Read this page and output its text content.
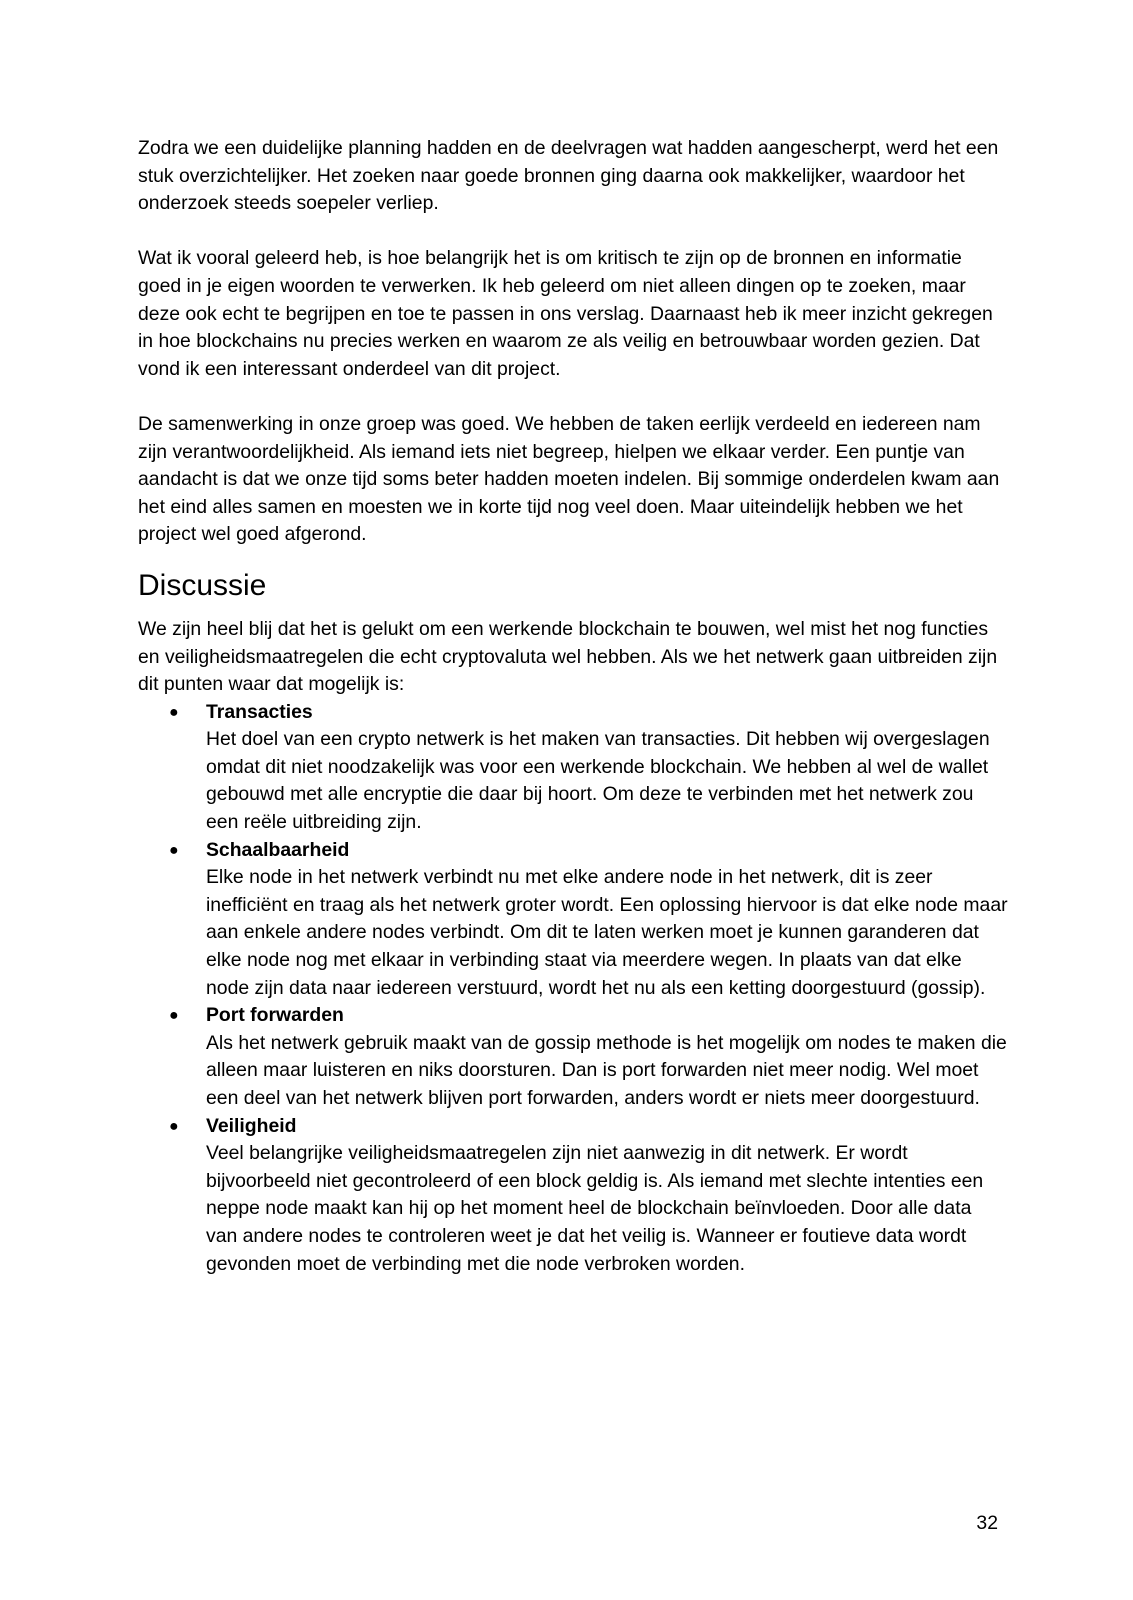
Zodra we een duidelijke planning hadden en de deelvragen wat hadden aangescherpt, werd het een stuk overzichtelijker. Het zoeken naar goede bronnen ging daarna ook makkelijker, waardoor het onderzoek steeds soepeler verliep.

Wat ik vooral geleerd heb, is hoe belangrijk het is om kritisch te zijn op de bronnen en informatie goed in je eigen woorden te verwerken. Ik heb geleerd om niet alleen dingen op te zoeken, maar deze ook echt te begrijpen en toe te passen in ons verslag. Daarnaast heb ik meer inzicht gekregen in hoe blockchains nu precies werken en waarom ze als veilig en betrouwbaar worden gezien. Dat vond ik een interessant onderdeel van dit project.

De samenwerking in onze groep was goed. We hebben de taken eerlijk verdeeld en iedereen nam zijn verantwoordelijkheid. Als iemand iets niet begreep, hielpen we elkaar verder. Een puntje van aandacht is dat we onze tijd soms beter hadden moeten indelen. Bij sommige onderdelen kwam aan het eind alles samen en moesten we in korte tijd nog veel doen. Maar uiteindelijk hebben we het project wel goed afgerond.

Discussie

We zijn heel blij dat het is gelukt om een werkende blockchain te bouwen, wel mist het nog functies en veiligheidsmaatregelen die echt cryptovaluta wel hebben. Als we het netwerk gaan uitbreiden zijn dit punten waar dat mogelijk is:

● Transacties
Het doel van een crypto netwerk is het maken van transacties. Dit hebben wij overgeslagen omdat dit niet noodzakelijk was voor een werkende blockchain. We hebben al wel de wallet gebouwd met alle encryptie die daar bij hoort. Om deze te verbinden met het netwerk zou een reële uitbreiding zijn.
● Schaalbaarheid
Elke node in het netwerk verbindt nu met elke andere node in het netwerk, dit is zeer inefficiënt en traag als het netwerk groter wordt. Een oplossing hiervoor is dat elke node maar aan enkele andere nodes verbindt. Om dit te laten werken moet je kunnen garanderen dat elke node nog met elkaar in verbinding staat via meerdere wegen. In plaats van dat elke node zijn data naar iedereen verstuurd, wordt het nu als een ketting doorgestuurd (gossip).
● Port forwarden
Als het netwerk gebruik maakt van de gossip methode is het mogelijk om nodes te maken die alleen maar luisteren en niks doorsturen. Dan is port forwarden niet meer nodig. Wel moet een deel van het netwerk blijven port forwarden, anders wordt er niets meer doorgestuurd.
● Veiligheid
Veel belangrijke veiligheidsmaatregelen zijn niet aanwezig in dit netwerk. Er wordt bijvoorbeeld niet gecontroleerd of een block geldig is. Als iemand met slechte intenties een neppe node maakt kan hij op het moment heel de blockchain beïnvloeden. Door alle data van andere nodes te controleren weet je dat het veilig is. Wanneer er foutieve data wordt gevonden moet de verbinding met die node verbroken worden.
32
